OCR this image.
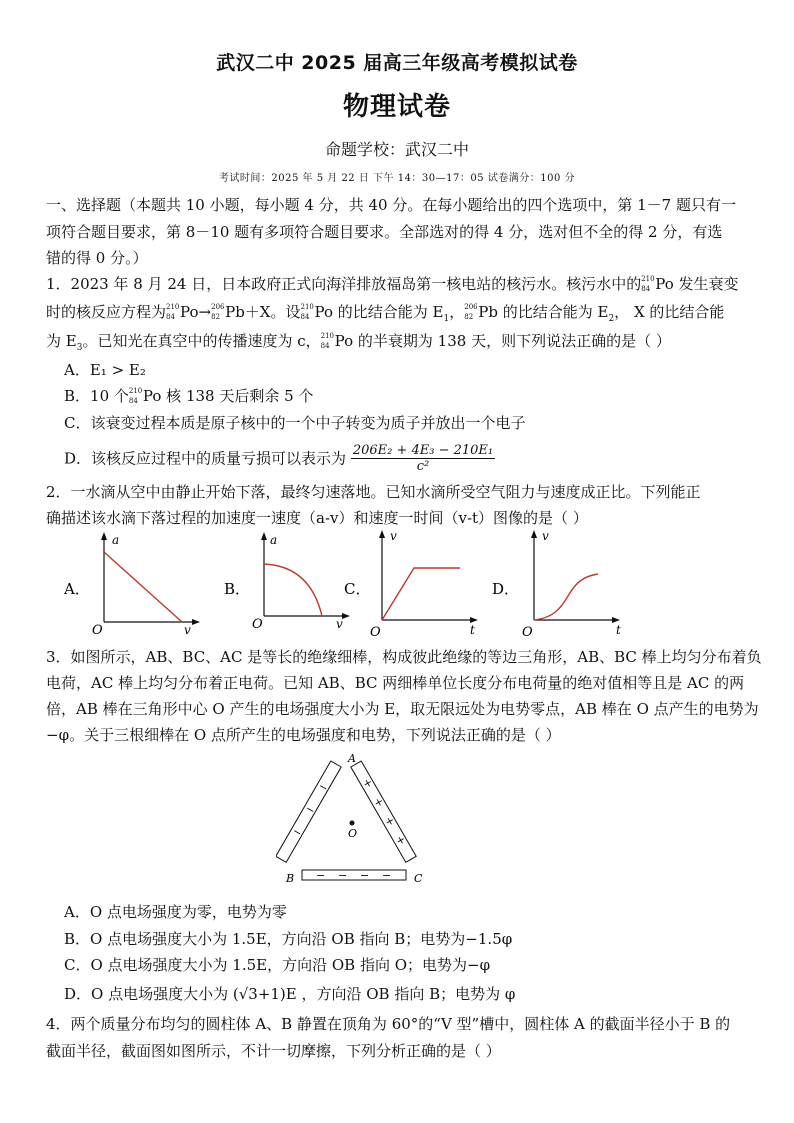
武汉二中 2025 届高三年级高考模拟试卷
物理试卷
命题学校：武汉二中
考试时间：2025 年 5 月 22 日 下午 14：30—17：05 试卷满分：100 分
一、选择题（本题共 10 小题，每小题 4 分，共 40 分。在每小题给出的四个选项中，第 1－7 题只有一
项符合题目要求，第 8－10 题有多项符合题目要求。全部选对的得 4 分，选对但不全的得 2 分，有选
错的得 0 分。）
1．2023 年 8 月 24 日，日本政府正式向海洋排放福岛第一核电站的核污水。核污水中的 210
84 Po 发生衰变
时的核反应方程为 210
84 Po→ 206
82 Pb＋X。设 210
84 Po 的比结合能为 $E_1$， 206
82 Pb 的比结合能为 $E_2$， X 的比结合能
为 $E_3$。已知光在真空中的传播速度为 c， 210
84 Po 的半衰期为 138 天，则下列说法正确的是（ ）
A．E₁ > E₂
B．10 个 210
84 Po 核 138 天后剩余 5 个
C．该衰变过程本质是原子核中的一个中子转变为质子并放出一个电子
D．该核反应过程中的质量亏损可以表示为 $\frac{\text{206E₂ + 4E₃ − 210E₁}}{\text{c²}}$
2．一水滴从空中由静止开始下落，最终匀速落地。已知水滴所受空气阻力与速度成正比。下列能正
确描述该水滴下落过程的加速度一速度（a-v）和速度一时间（v-t）图像的是（ ）
A．
a
v
O
B．
a
v
O
C．
v
t
O
D．
v
t
O
3．如图所示，AB、BC、AC 是等长的绝缘细棒，构成彼此绝缘的等边三角形，AB、BC 棒上均匀分布着负
电荷，AC 棒上均匀分布着正电荷。已知 AB、BC 两细棒单位长度分布电荷量的绝对值相等且是 AC 的两
倍，AB 棒在三角形中心 O 产生的电场强度大小为 E，取无限远处为电势零点，AB 棒在 O 点产生的电势为
−φ。关于三根细棒在 O 点所产生的电场强度和电势，下列说法正确的是（ ）
−
−
−
+
+
+
+
− − − −
O
A
B	C
A．O 点电场强度为零，电势为零
B．O 点电场强度大小为 1.5E，方向沿 OB 指向 B；电势为−1.5φ
C．O 点电场强度大小为 1.5E，方向沿 OB 指向 O；电势为−φ
D．O 点电场强度大小为 (√3+1)E ，方向沿 OB 指向 B；电势为 φ
4．两个质量分布均匀的圆柱体 A、B 静置在顶角为 60°的“V 型”槽中，圆柱体 A 的截面半径小于 B 的
截面半径，截面图如图所示，不计一切摩擦，下列分析正确的是（ ）
